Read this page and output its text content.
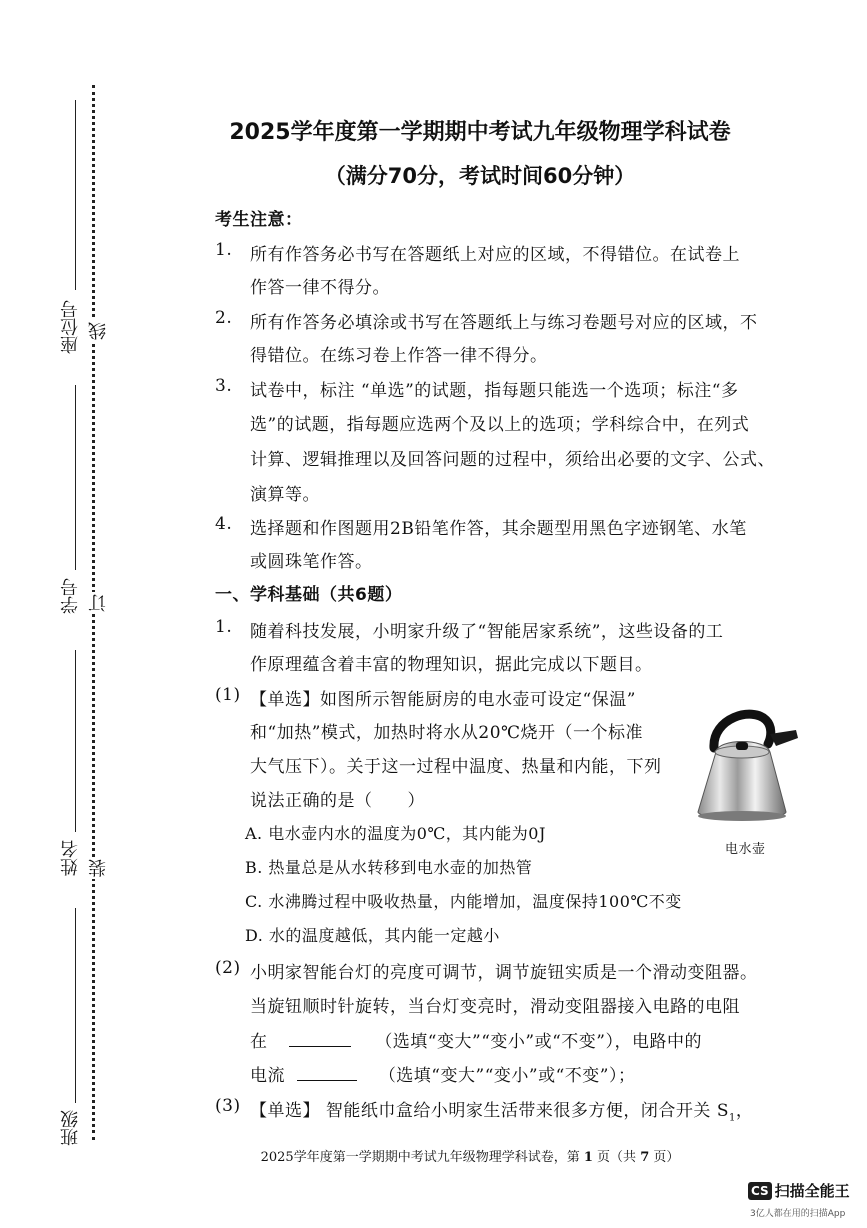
座位号 线
学号 订
姓名 装
班级
2025学年度第一学期期中考试九年级物理学科试卷
（满分70分，考试时间60分钟）
考生注意：
1. 所有作答务必书写在答题纸上对应的区域，不得错位。在试卷上
作答一律不得分。
2. 所有作答务必填涂或书写在答题纸上与练习卷题号对应的区域，不
得错位。在练习卷上作答一律不得分。
3. 试卷中，标注 “单选”的试题，指每题只能选一个选项；标注“多
选”的试题，指每题应选两个及以上的选项；学科综合中，在列式
计算、逻辑推理以及回答问题的过程中，须给出必要的文字、公式、
演算等。
4. 选择题和作图题用2B铅笔作答，其余题型用黑色字迹钢笔、水笔
或圆珠笔作答。
一、学科基础（共6题）
1. 随着科技发展，小明家升级了“智能居家系统”，这些设备的工
作原理蕴含着丰富的物理知识，据此完成以下题目。
(1) 【单选】如图所示智能厨房的电水壶可设定“保温”
和“加热”模式，加热时将水从20℃烧开（一个标准
大气压下）。关于这一过程中温度、热量和内能，下列
说法正确的是（　　）
A. 电水壶内水的温度为0℃，其内能为0J
B. 热量总是从水转移到电水壶的加热管
C. 水沸腾过程中吸收热量，内能增加，温度保持100℃不变
D. 水的温度越低，其内能一定越小
电水壶
(2) 小明家智能台灯的亮度可调节，调节旋钮实质是一个滑动变阻器。
当旋钮顺时针旋转，当台灯变亮时，滑动变阻器接入电路的电阻
在	（选填“变大”“变小”或“不变”），电路中的
电流	（选填“变大”“变小”或“不变”）；
(3) 【单选】 智能纸巾盒给小明家生活带来很多方便，闭合开关 $S_1$，
2025学年度第一学期期中考试九年级物理学科试卷，第 1 页（共 7 页）
CS 扫描全能王
3亿人都在用的扫描App
